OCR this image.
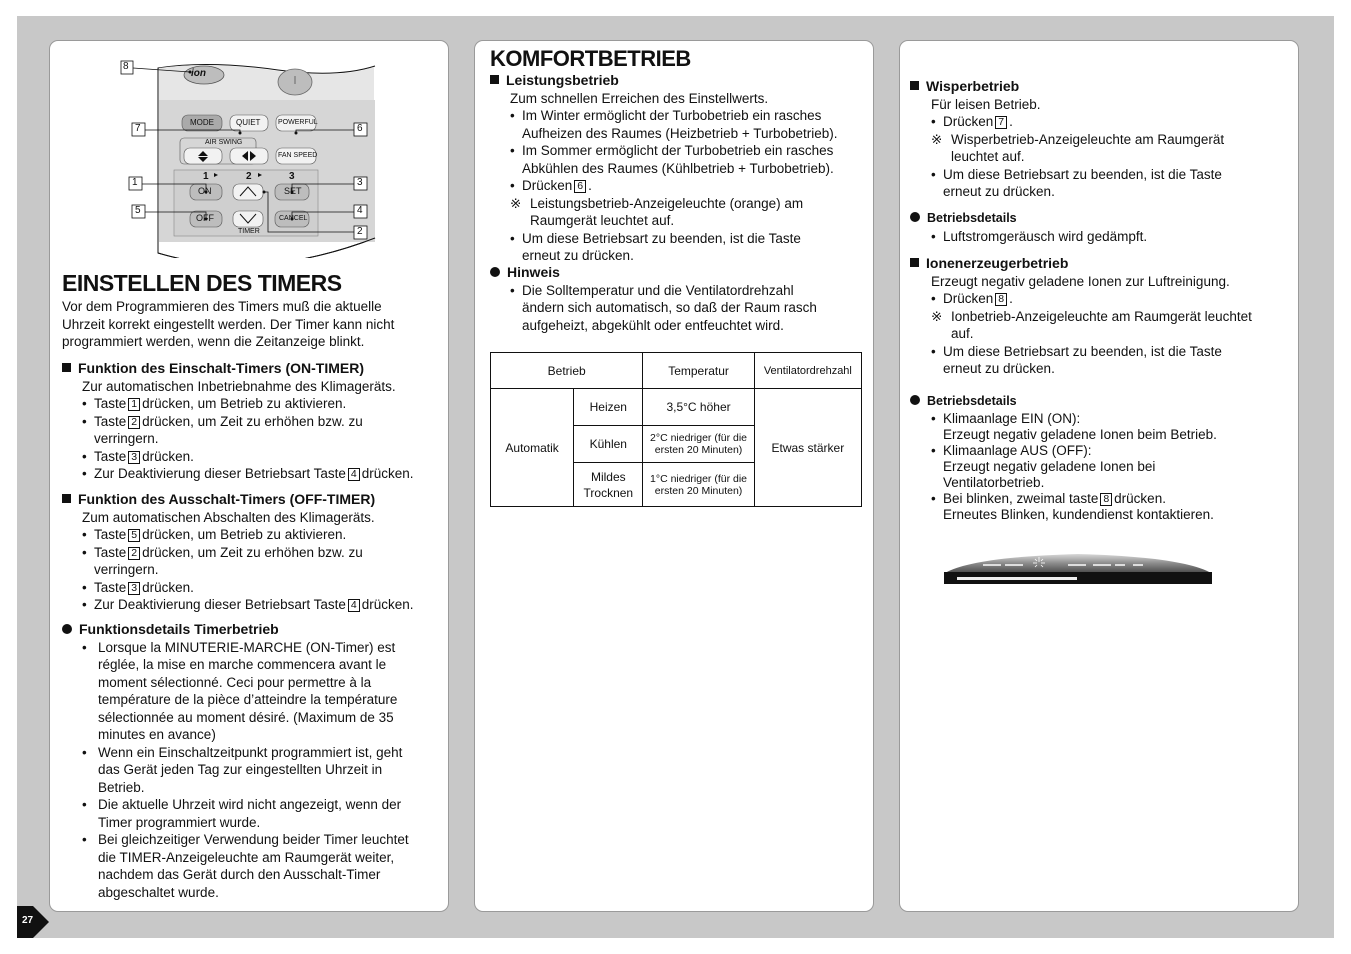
27
ion
MODE	QUIET	POWERFUL
AIR SWING
FAN SPEED
1	2	3
ON	SET
OFF	CANCEL
TIMER
8
7	6
1	3
5	4
2
EINSTELLEN DES TIMERS
Vor dem Programmieren des Timers muß die aktuelle
Uhrzeit korrekt eingestellt werden. Der Timer kann nicht
programmiert werden, wenn die Zeitanzeige blinkt.
Funktion des Einschalt-Timers (ON-TIMER)
Zur automatischen Inbetriebnahme des Klimageräts.
• Taste 1 drücken, um Betrieb zu aktivieren.
• Taste 2 drücken, um Zeit zu erhöhen bzw. zu
verringern.
• Taste 3 drücken.
• Zur Deaktivierung dieser Betriebsart Taste 4 drücken.
Funktion des Ausschalt-Timers (OFF-TIMER)
Zum automatischen Abschalten des Klimageräts.
• Taste 5 drücken, um Betrieb zu aktivieren.
• Taste 2 drücken, um Zeit zu erhöhen bzw. zu
verringern.
• Taste 3 drücken.
• Zur Deaktivierung dieser Betriebsart Taste 4 drücken.
Funktionsdetails Timerbetrieb
• Lorsque la MINUTERIE-MARCHE (ON-Timer) est
réglée, la mise en marche commencera avant le
moment sélectionné. Ceci pour permettre à la
température de la pièce d’atteindre la température
sélectionnée au moment désiré. (Maximum de 35
minutes en avance)
• Wenn ein Einschaltzeitpunkt programmiert ist, geht
das Gerät jeden Tag zur eingestellten Uhrzeit in
Betrieb.
• Die aktuelle Uhrzeit wird nicht angezeigt, wenn der
Timer programmiert wurde.
• Bei gleichzeitiger Verwendung beider Timer leuchtet
die TIMER-Anzeigeleuchte am Raumgerät weiter,
nachdem das Gerät durch den Ausschalt-Timer
abgeschaltet wurde.
KOMFORTBETRIEB
Leistungsbetrieb
Zum schnellen Erreichen des Einstellwerts.
• Im Winter ermöglicht der Turbobetrieb ein rasches
Aufheizen des Raumes (Heizbetrieb + Turbobetrieb).
• Im Sommer ermöglicht der Turbobetrieb ein rasches
Abkühlen des Raumes (Kühlbetrieb + Turbobetrieb).
• Drücken 6 .
※ Leistungsbetrieb-Anzeigeleuchte (orange) am
Raumgerät leuchtet auf.
• Um diese Betriebsart zu beenden, ist die Taste
erneut zu drücken.
Hinweis
• Die Solltemperatur und die Ventilatordrehzahl
ändern sich automatisch, so daß der Raum rasch
aufgeheizt, abgekühlt oder entfeuchtet wird.
Betrieb		Temperatur	Ventilatordrehzahl
Automatik	Heizen	3,5°C höher	Etwas stärker
	Kühlen	2°C niedriger (für die ersten 20 Minuten)	
	Mildes Trocknen	1°C niedriger (für die ersten 20 Minuten)	
Wisperbetrieb
Für leisen Betrieb.
• Drücken 7 .
※ Wisperbetrieb-Anzeigeleuchte am Raumgerät
leuchtet auf.
• Um diese Betriebsart zu beenden, ist die Taste
erneut zu drücken.
Betriebsdetails
• Luftstromgeräusch wird gedämpft.
Ionenerzeugerbetrieb
Erzeugt negativ geladene Ionen zur Luftreinigung.
• Drücken 8 .
※ Ionbetrieb-Anzeigeleuchte am Raumgerät leuchtet
auf.
• Um diese Betriebsart zu beenden, ist die Taste
erneut zu drücken.
Betriebsdetails
• Klimaanlage EIN (ON):
Erzeugt negativ geladene Ionen beim Betrieb.
• Klimaanlage AUS (OFF):
Erzeugt negativ geladene Ionen bei
Ventilatorbetrieb.
• Bei blinken, zweimal taste 8 drücken.
Erneutes Blinken, kundendienst kontaktieren.
